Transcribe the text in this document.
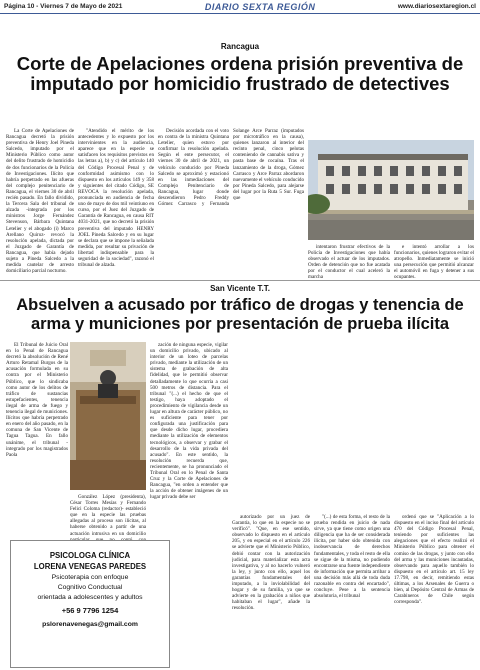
Página 10 - Viernes 7 de Mayo de 2021	DIARIO SEXTA REGIÓN	www.diariosextaregion.cl
Rancagua
Corte de Apelaciones ordena prisión preventiva de imputado por homicidio frustrado de detectives

La Corte de Apelaciones de Rancagua decretó la prisión preventiva de Henry Joel Pineda Salcedo, imputado por el Ministerio Público como autor del delito frustrado de homicidio de dos funcionarios de la Policía de Investigaciones. Ilícito que habría perpetrado en las afueras del complejo penitenciario de Rancagua, el viernes 30 de abril recién pasado. En fallo dividido, la Tercera Sala del tribunal de alzada -integrada por los ministros Jorge Fernández Stevenson, Bárbara Quintana Letelier y el abogado (i) Marco Arellano Quiroz- revocó la resolución apelada, dictada por el Juzgado de Garantía de Rancagua, que había dejado sujeto a Pineda Salcedo a la medida cautelar de arresto domiciliario parcial nocturno.

"Atendido el mérito de los antecedentes y lo expuesto por los intervinientes en la audiencia, aparece que en la especie se satisfacen los requisitos previstos en las letras a), b) y c) del artículo 140 del Código Procesal Penal y de conformidad asimismo con lo dispuesto en los artículos 149 y 358 y siguientes del citado Código, SE REVOCA la resolución apelada, pronunciada en audiencia de fecha uno de mayo de dos mil veintiuno en curso, por el Juez del Juzgado de Garantía de Rancagua, en causa RIT 4031-2021, que no decretó la prisión preventiva del imputado HENRY JOEL Pineda Salcedo y en su lugar se declara que se impone la señalada medida, por resultar su privación de libertad indispensable para la seguridad de la sociedad", razonó el tribunal de alzada.

Decisión acordada con el voto en contra de la ministra Quintana Letelier, quien estuvo por confirmar la resolución apelada. Según el ente persecutor, el viernes 30 de abril de 2021, un vehículo conducido por Pineda Salcedo se aproximó y estacionó en las inmediaciones del Complejo Penitenciario de Rancagua, lugar donde descendieron Pedro Freddy Gómez Carrasco y Fernanda Solange Arce Parraz (imputados por microtráfico en la causa), quienes lanzaron al interior del recinto penal, cinco pelotas conteniendo de cannabis sativa y pasta base de cocaína. Tras el lanzamiento de la droga, Gómez Carrasco y Arce Parraz abordaron nuevamente el vehículo conducido por Pineda Salcedo, para alejarse del lugar por la Ruta 5 Sur. Fuga que

intentaron frustrar efectivos de la Policía de Investigaciones que había observado el actuar de los imputados. Orden de detención que no fue acatada por el conductor el cual aceleró la marcha

e intentó arrollar a los funcionarios, quienes lograron evitar el atropello. Inmediatamente se inició una persecución que permitió alcanzar el automóvil en fuga y detener a sus ocupantes.

San Vicente T.T.
Absuelven a acusado por tráfico de drogas y tenencia de arma y municiones por presentación de prueba ilícita

El Tribunal de Juicio Oral en lo Penal de Rancagua decretó la absolución de René Arturo Retamal Burgos de la acusación formulada en su contra por el Ministerio Público, que lo sindicaba como autor de los delitos de tráfico de sustancias estupefacientes, tenencia ilegal de arma de fuego y tenencia ilegal de municiones. Ilícitos que habría perpetrado en enero del año pasado, en la comuna de San Vicente de Tagua Tagua. En fallo unánime, el tribunal -integrado por los magistrados Paola

González López (presidenta), César Torres Mesías y Fernando Felici Coloma (redactor)- estableció que en la especie las pruebas allegadas al proceso son ilícitas, al haberse obtenido a partir de una actuación intrusiva en un domicilio

zación de ninguna especie, vigilar un domicilio privado, ubicado al interior de un loteo de parcelas privado, mediante la utilización de un sistema de grabación de alta fidelidad, que le permitió observar detalladamente lo que ocurría a casi 500 metros de distancia. Para el tribunal "(...) el hecho de que el testigo, haya adoptado el procedimiento de vigilancia desde un lugar en altura de carácter público, no es suficiente para tener por configurada una justificación para que desde dicho lugar, procediera mediante la utilización de elementos tecnológicos, a observar y grabar el desarrollo de la vida privada del acusado". En este sentido, la resolución recuerda que, recientemente, se ha pronunciado el Tribunal Oral en lo Penal de Santa Cruz y la Corte de Apelaciones de Rancagua, "en orden a entender que la acción de obtener imágenes de un lugar privado debe ser

autorizado por un juez de Garantía, lo que en la especie no se verificó". "Que, en ese sentido, observado lo dispuesto en el artículo 205, y en especial en el artículo 226 se advierte que el Ministerio Público, debió contar con la autorización judicial, para materializar esta acta investigativa, y al no hacerlo vulneró la ley, y junto con ello, aquel los garantías fundamentales del imputado, a la inviolabilidad del hogar y de su familia, ya que se advierte en la grabación a niños que habitaban el lugar", añade la resolución.

"(...) de esta forma, el resto de la prueba rendida en juicio de nada sirve, ya que tiene como origen una diligencia que ha de ser considerada ilícita, por haber sido obtenida con inobservancia de derechos fundamentales, y toda el resto de ella se sigue de la misma, no pudiendo encontrarse una fuente independiente de información que permita arribar a una decisión más allá de toda duda razonable en contra del encartado", concluye. Pese a la sentencia absolutoria, el tribunal

ordenó que se "Aplicación a lo dispuesto en el inciso final del artículo 470 del Código Procesal Penal, teniendo por suficientes las alegaciones que el efecto realizó el Ministerio Público para obtener el comiso de las drogas, y junto con ello del arma y las municiones incautadas, observando para aquello también lo dispuesto en el artículo art. 15 ley 17.798, en decir, remitiendo estas últimas, a los Arsenales de Guerra o bien, al Depósito Central de Armas de Carabineros de Chile según corresponda".

PSICOLOGA CLÍNICA
LORENA VENEGAS PAREDES
Psicoterapia con enfoque
Cognitivo Conductual
orientada a adolescentes y adultos
+56 9 7796 1254
pslorenavenegas@gmail.com
